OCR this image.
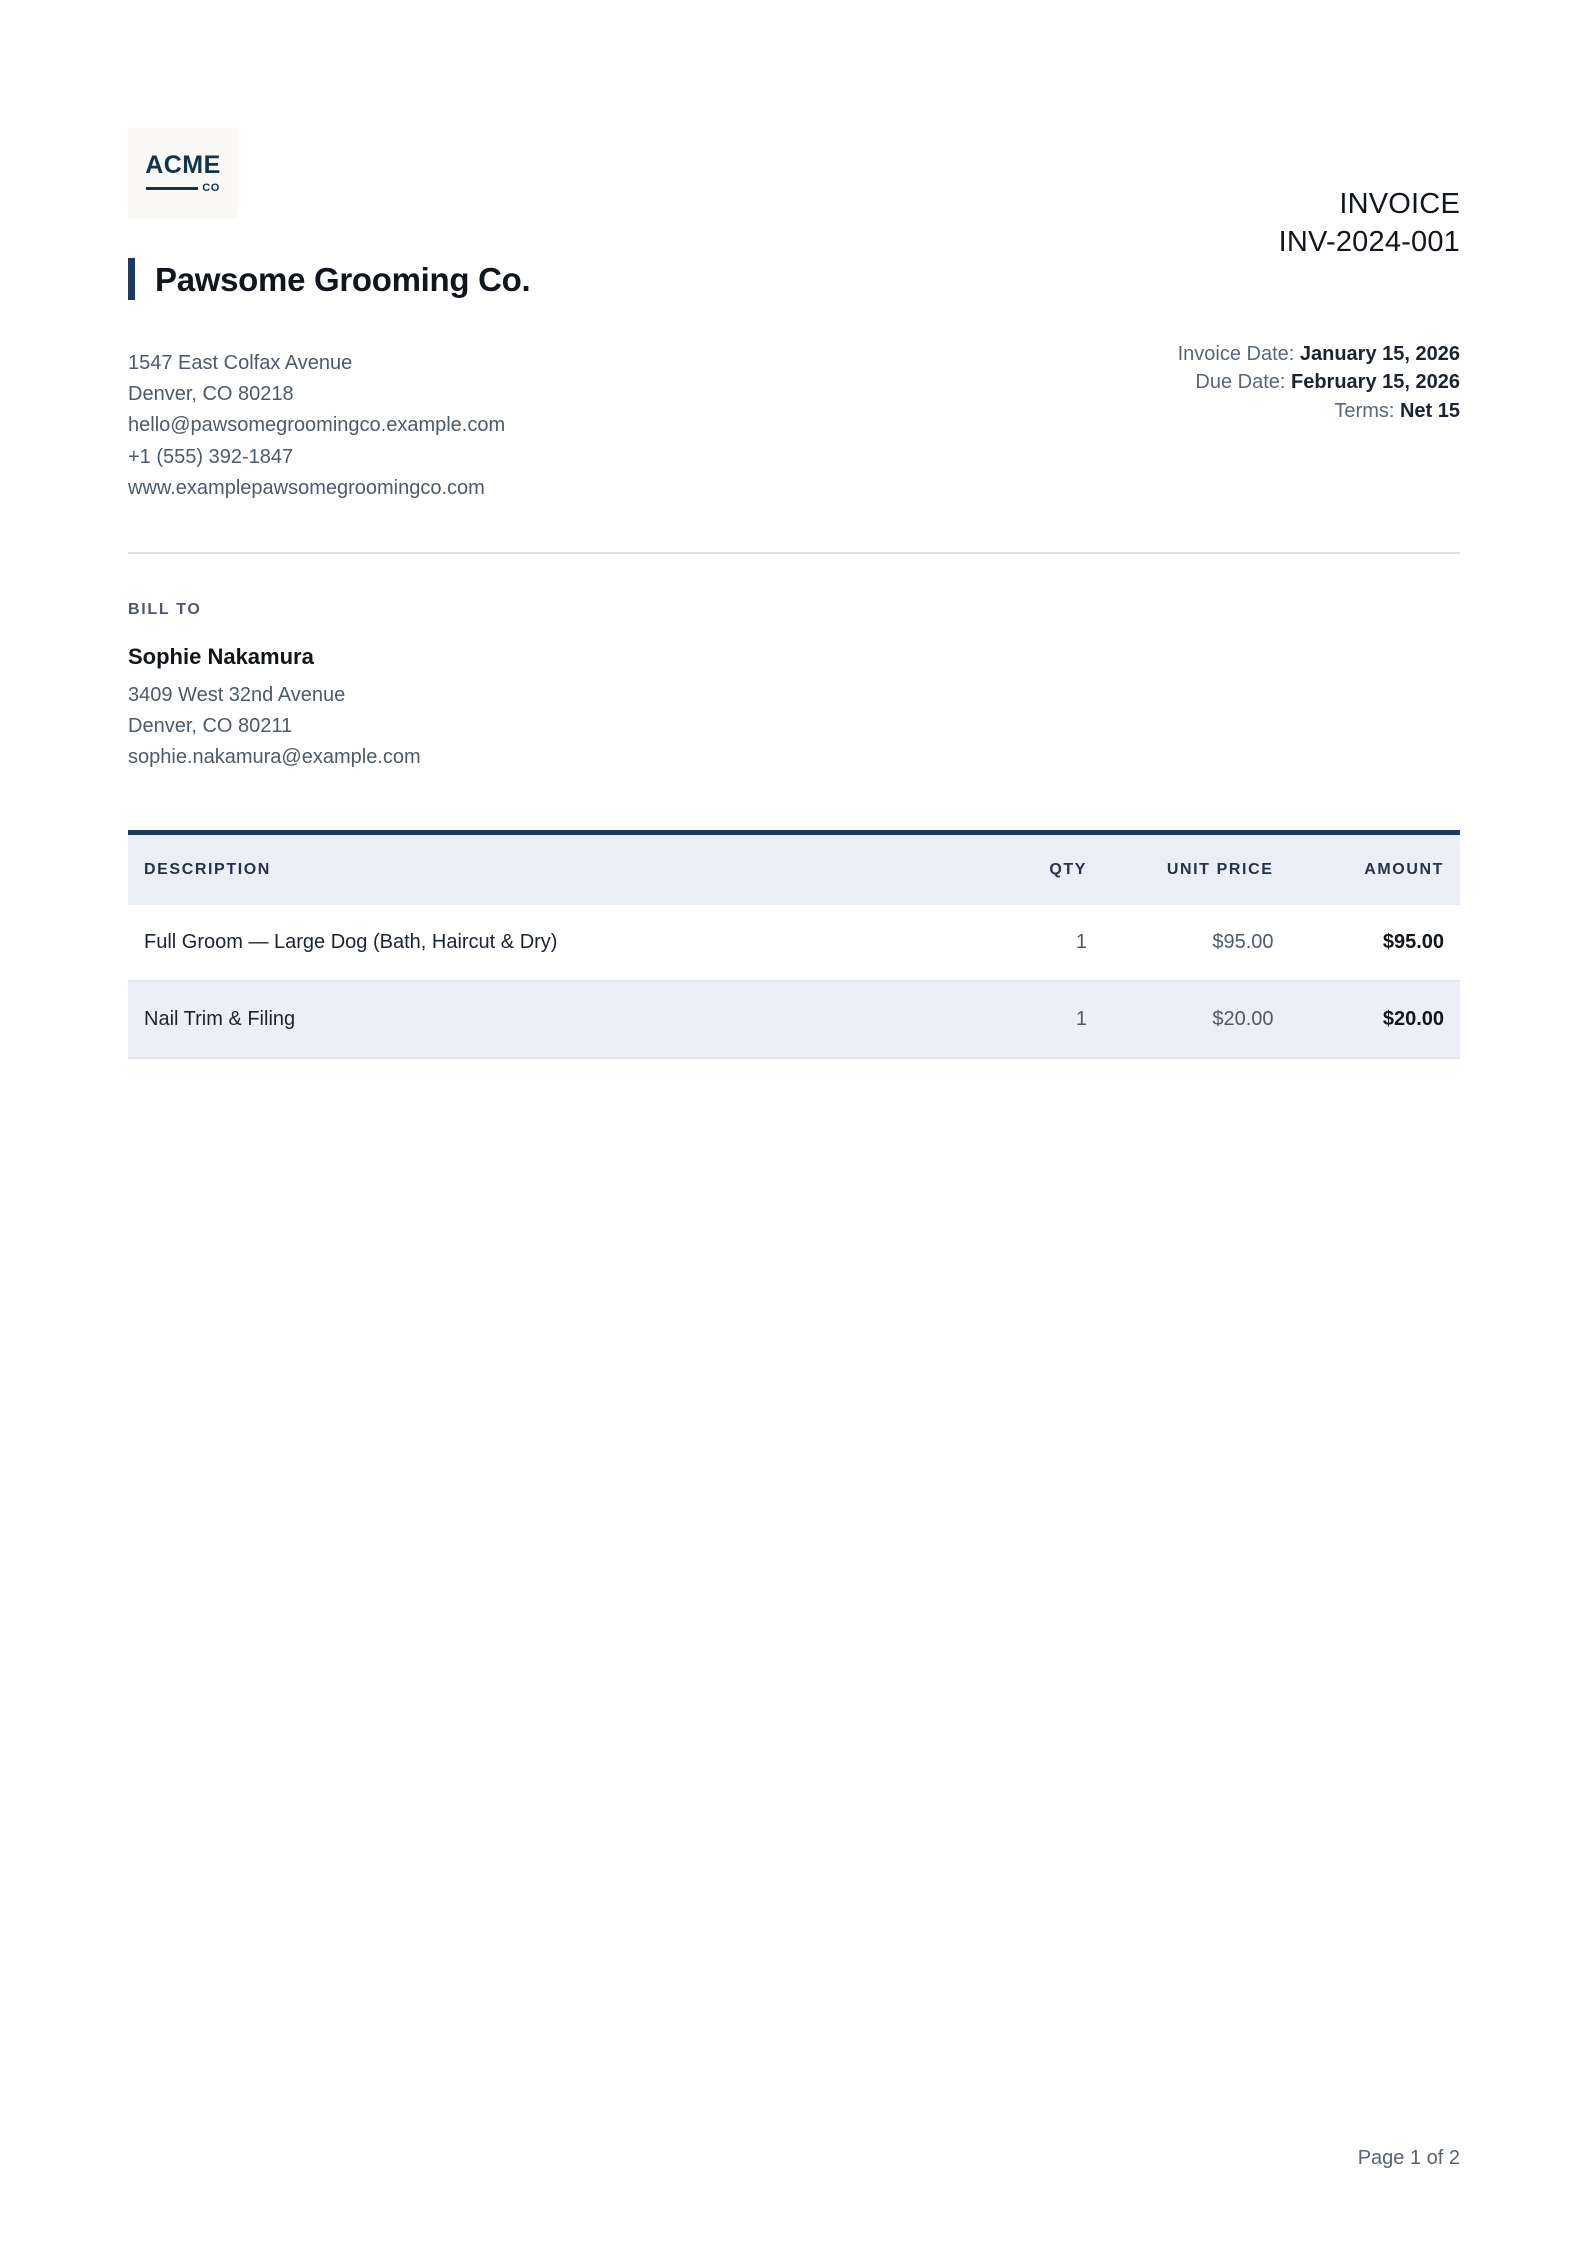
ACME
CO
INVOICE
INV-2024-001
Invoice Date: January 15, 2026
Due Date: February 15, 2026
Terms: Net 15
Pawsome Grooming Co.
1547 East Colfax Avenue
Denver, CO 80218
hello@pawsomegroomingco.example.com
+1 (555) 392-1847
www.examplepawsomegroomingco.com
BILL TO
Sophie Nakamura
3409 West 32nd Avenue
Denver, CO 80211
sophie.nakamura@example.com
DESCRIPTION	QTY	UNIT PRICE	AMOUNT
Full Groom — Large Dog (Bath, Haircut & Dry)	1	$95.00	$95.00
Nail Trim & Filing	1	$20.00	$20.00
Page 1 of 2
